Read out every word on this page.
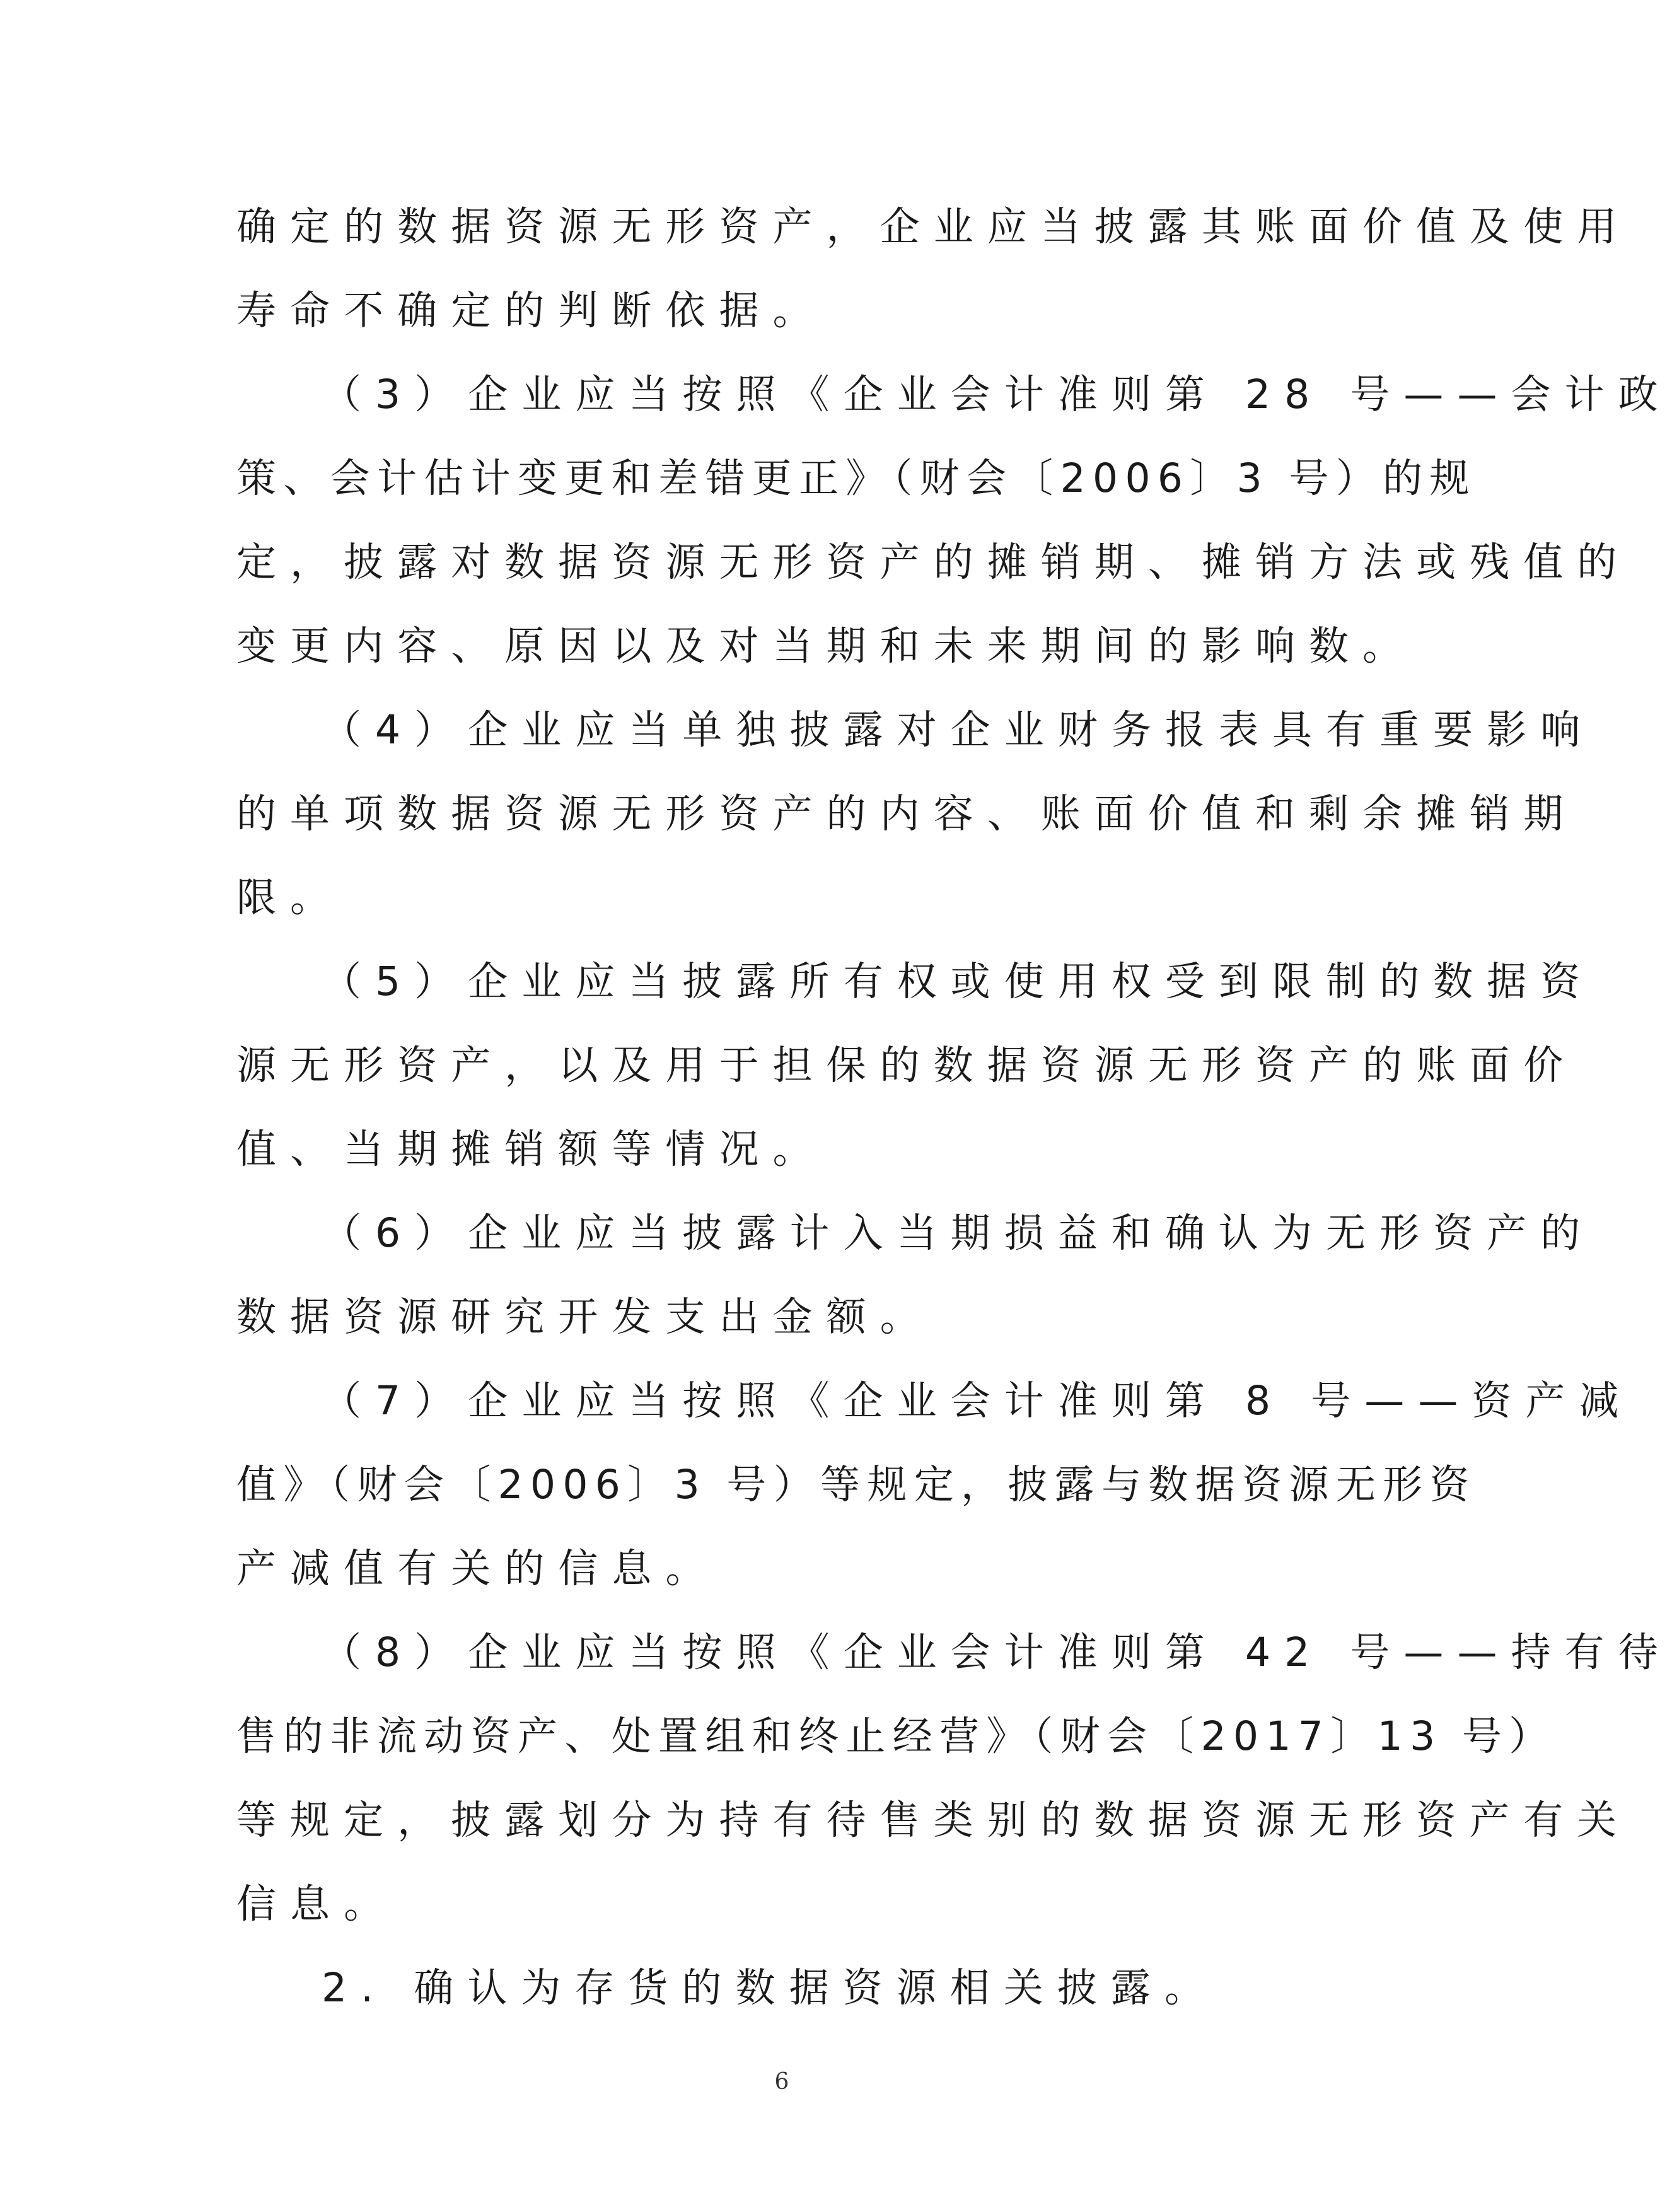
确定的数据资源无形资产，企业应当披露其账面价值及使用
寿命不确定的判断依据。
（3）企业应当按照《企业会计准则第 28 号——会计政
策、会计估计变更和差错更正》（财会〔2006〕3 号）的规
定，披露对数据资源无形资产的摊销期、摊销方法或残值的
变更内容、原因以及对当期和未来期间的影响数。
（4）企业应当单独披露对企业财务报表具有重要影响
的单项数据资源无形资产的内容、账面价值和剩余摊销期
限。
（5）企业应当披露所有权或使用权受到限制的数据资
源无形资产，以及用于担保的数据资源无形资产的账面价
值、当期摊销额等情况。
（6）企业应当披露计入当期损益和确认为无形资产的
数据资源研究开发支出金额。
（7）企业应当按照《企业会计准则第 8 号——资产减
值》（财会〔2006〕3 号）等规定，披露与数据资源无形资
产减值有关的信息。
（8）企业应当按照《企业会计准则第 42 号——持有待
售的非流动资产、处置组和终止经营》（财会〔2017〕13 号）
等规定，披露划分为持有待售类别的数据资源无形资产有关
信息。
2. 确认为存货的数据资源相关披露。
6
